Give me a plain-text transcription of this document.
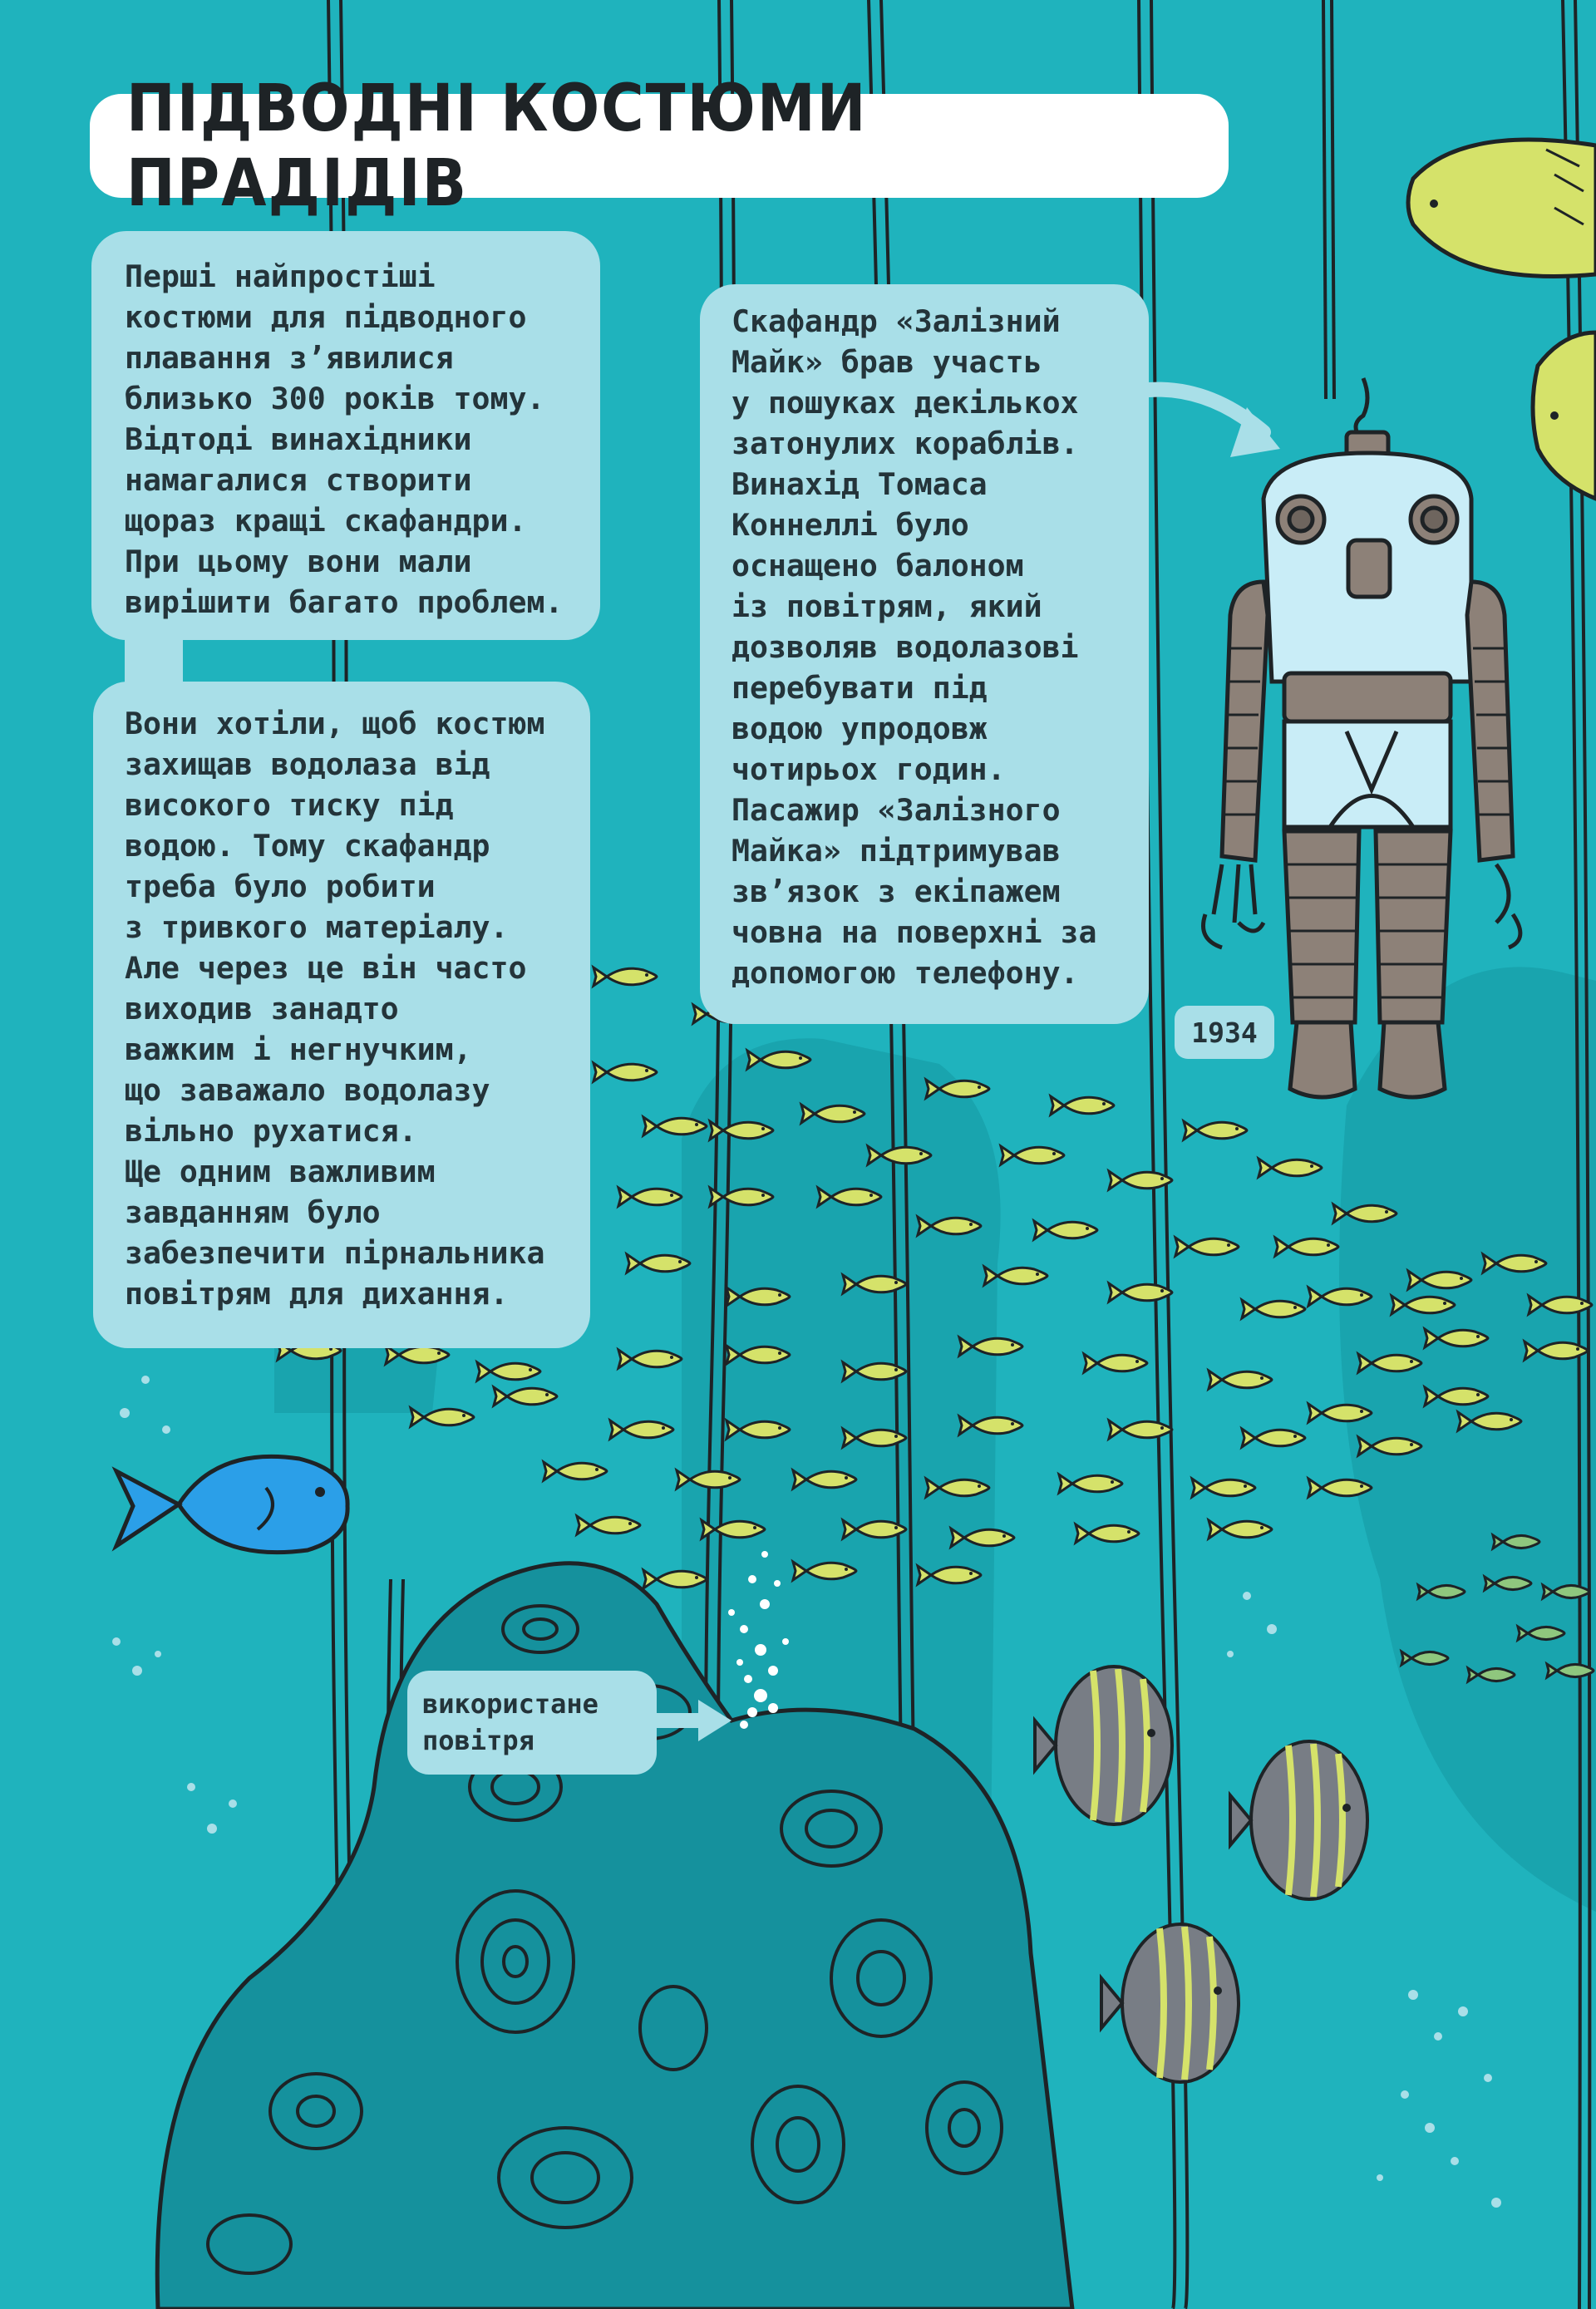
ПІДВОДНІ КОСТЮМИ ПРАДІДІВ
Перші найпростіші
костюми для підводного
плавання з’явилися
близько 300 років тому.
Відтоді винахідники
намагалися створити
щораз кращі скафандри.
При цьому вони мали
вирішити багато проблем.
Вони хотіли, щоб костюм
захищав водолаза від
високого тиску під
водою. Тому скафандр
треба було робити
з тривкого матеріалу.
Але через це він часто
виходив занадто
важким і негнучким,
що заважало водолазу
вільно рухатися.
Ще одним важливим
завданням було
забезпечити пірнальника
повітрям для дихання.
Скафандр «Залізний
Майк» брав участь
у пошуках декількох
затонулих кораблів.
Винахід Томаса
Коннеллі було
оснащено балоном
із повітрям, який
дозволяв водолазові
перебувати під
водою упродовж
чотирьох годин.
Пасажир «Залізного
Майка» підтримував
зв’язок з екіпажем
човна на поверхні за
допомогою телефону.
використане
повітря
1934
